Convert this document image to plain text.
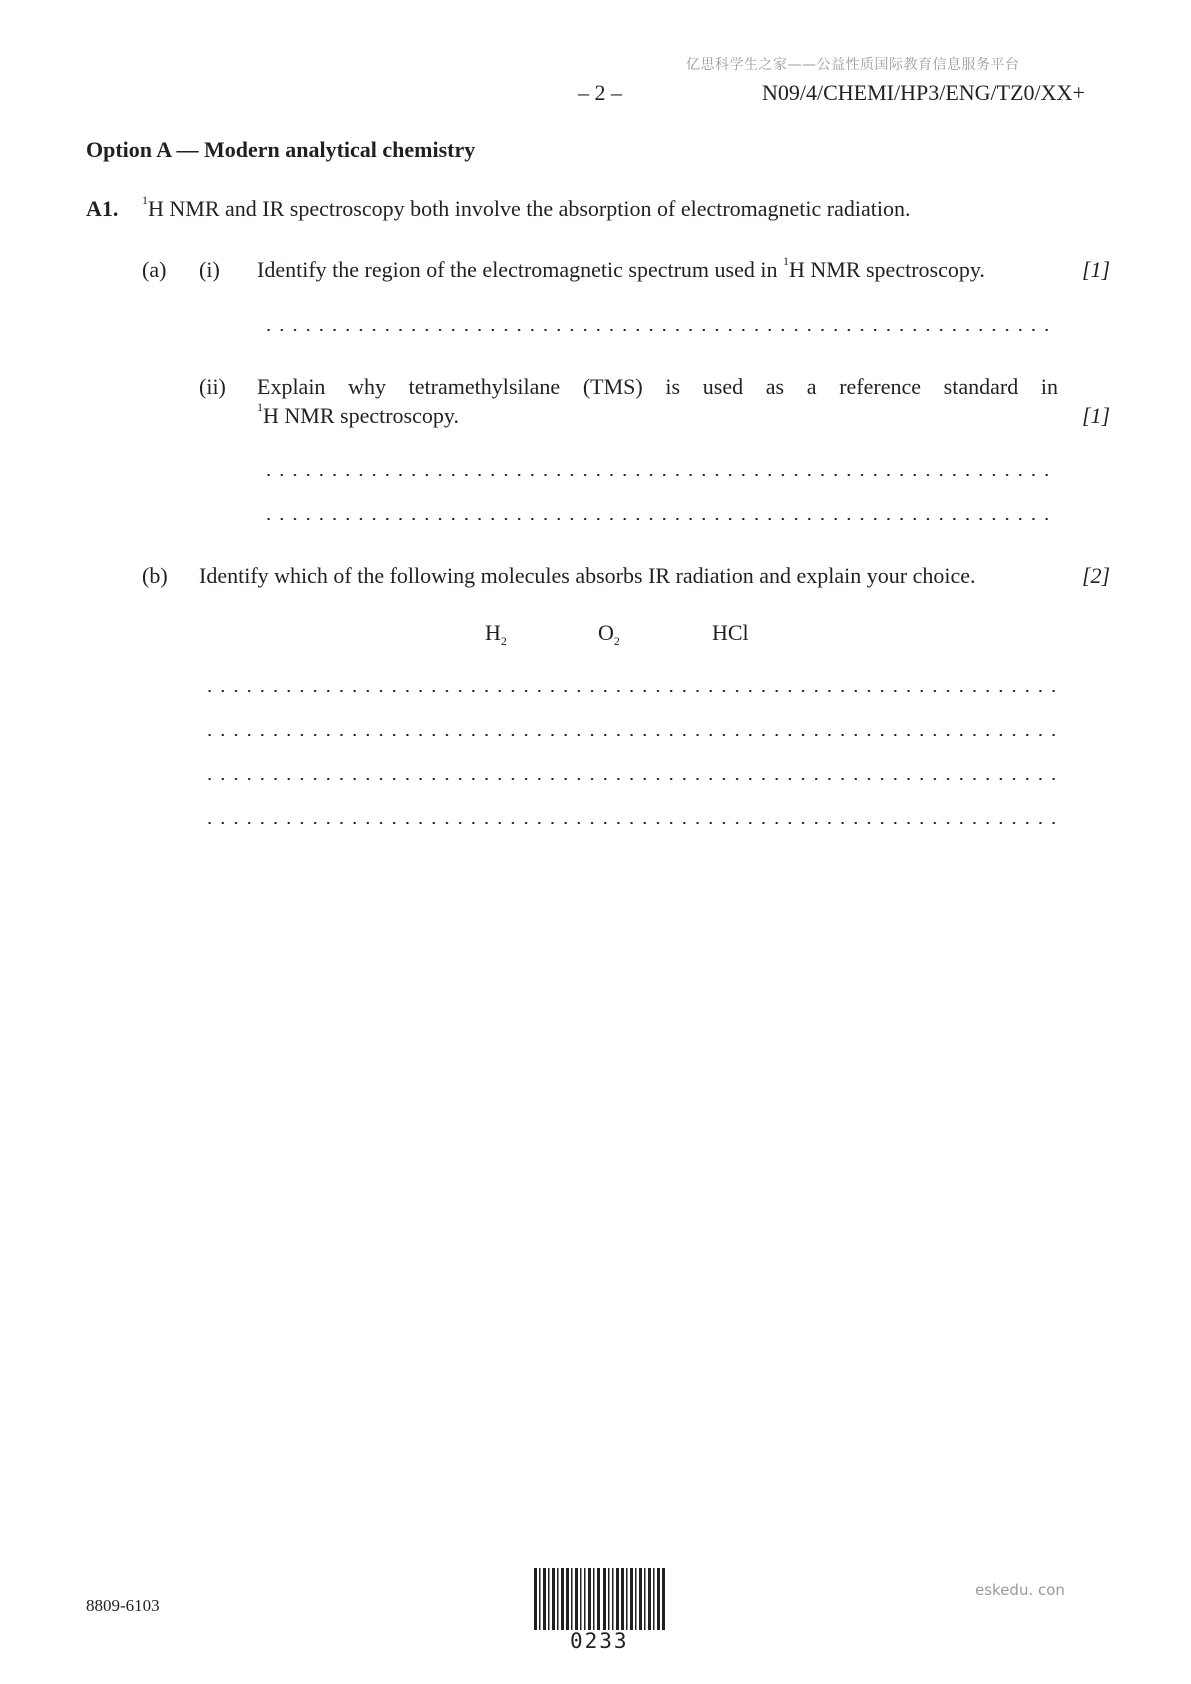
亿思科学生之家——公益性质国际教育信息服务平台
– 2 –	N09/4/CHEMI/HP3/ENG/TZ0/XX+
Option A — Modern analytical chemistry
A1. $^1$H NMR and IR spectroscopy both involve the absorption of electromagnetic radiation.
(a) (i) Identify the region of the electromagnetic spectrum used in $^1$H NMR spectroscopy.	[1]
(ii) Explain why tetramethylsilane (TMS) is used as a reference standard in
$^1$H NMR spectroscopy.	[1]
(b) Identify which of the following molecules absorbs IR radiation and explain your choice.	[2]
$H_2$	$O_2$	HCl
8809-6103
0233
eskedu. con
